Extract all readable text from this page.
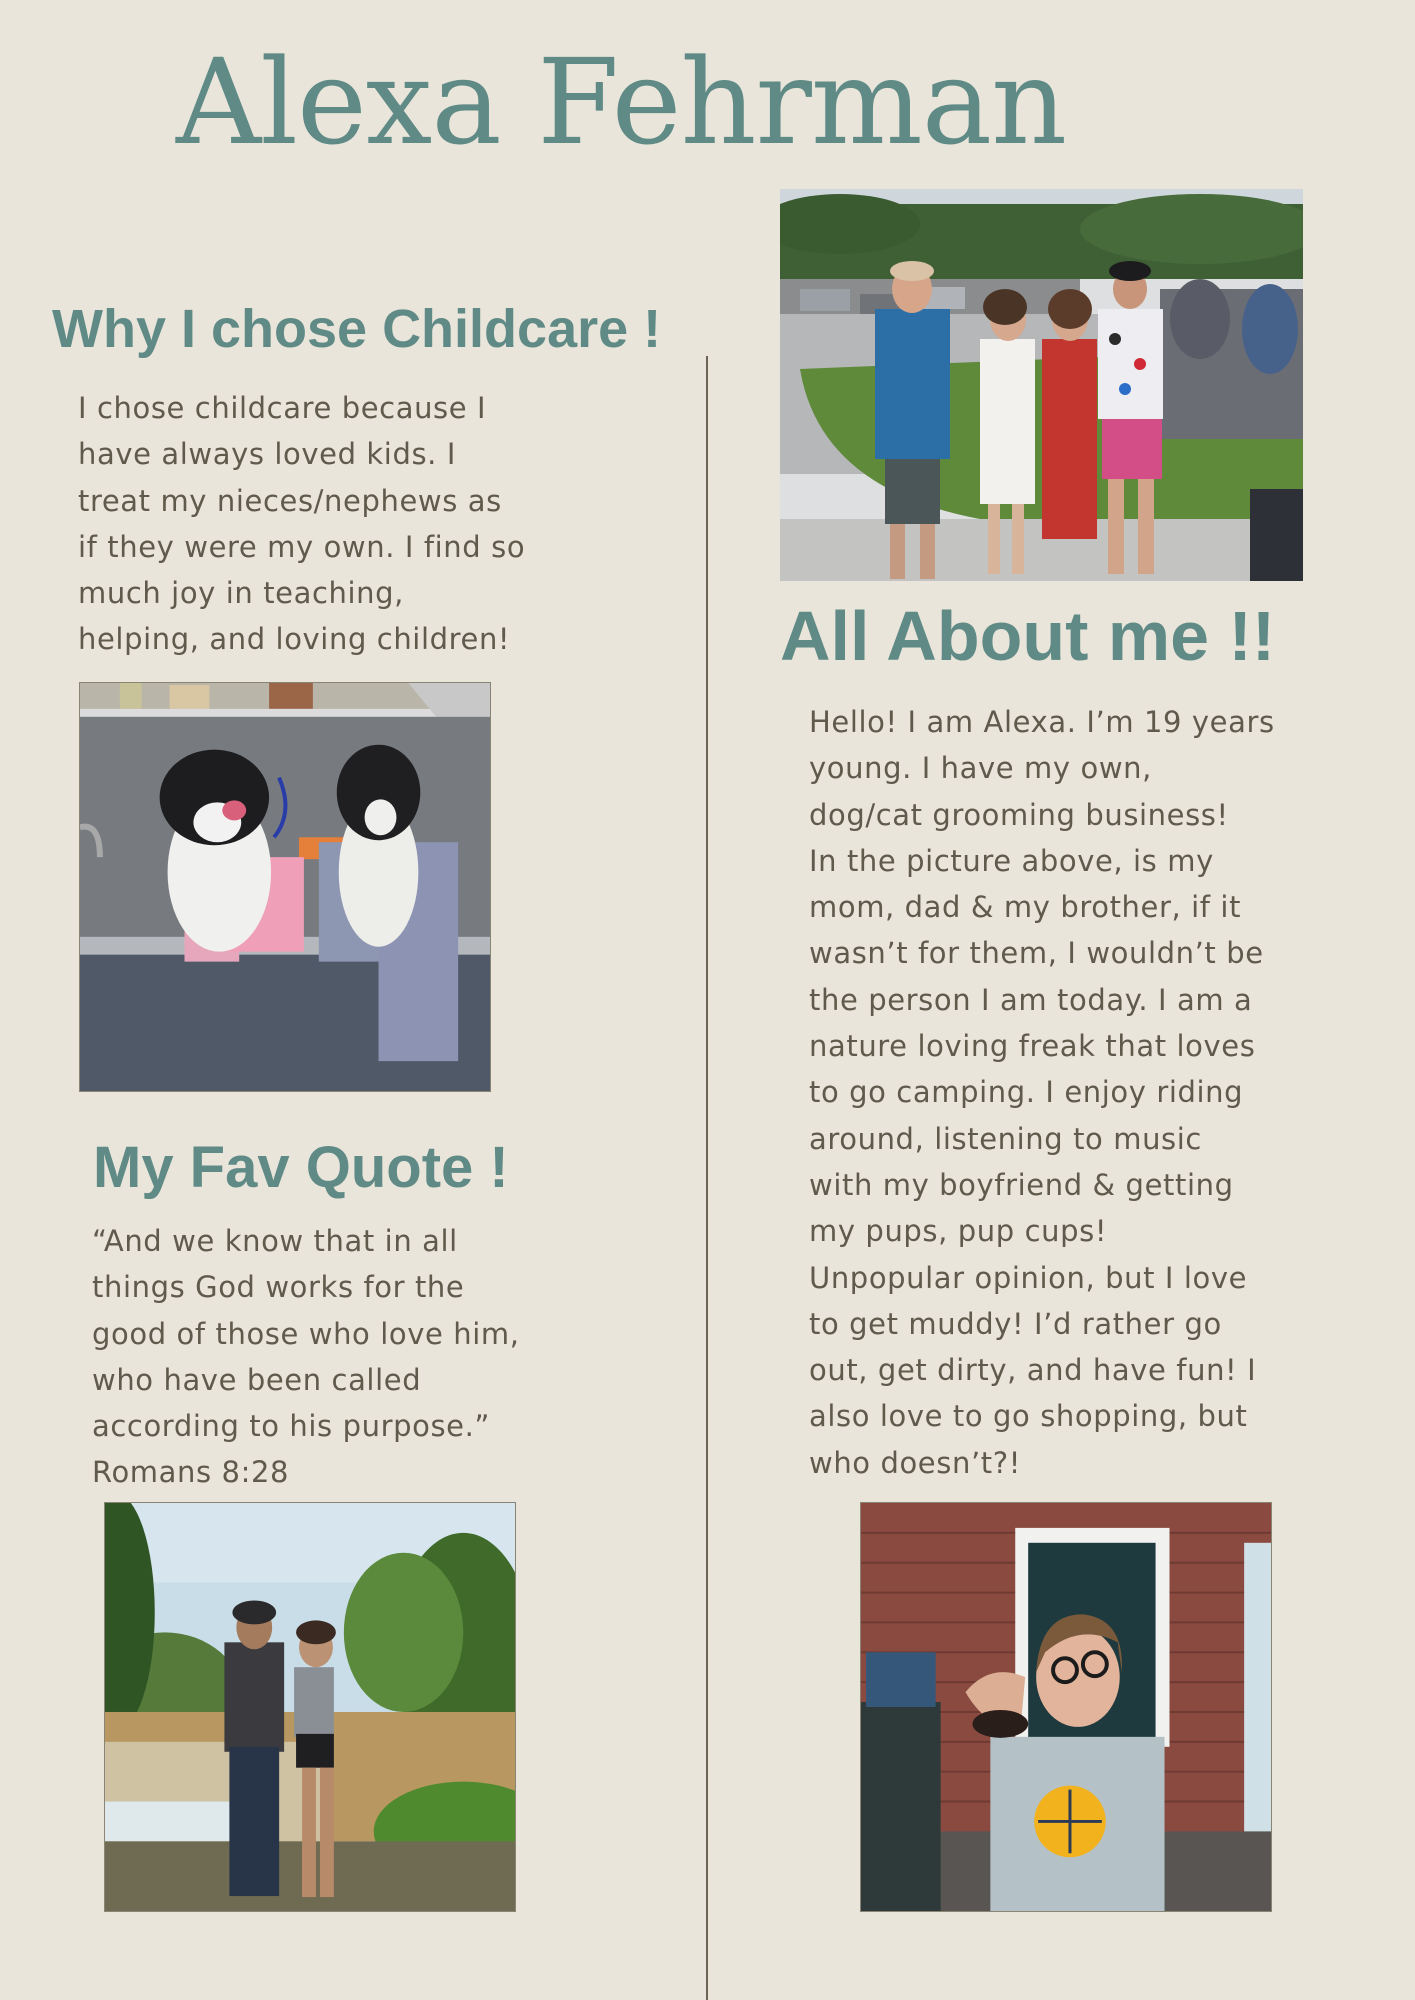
Alexa Fehrman
Why I chose Childcare !
I chose childcare because I
have always loved kids. I
treat my nieces/nephews as
if they were my own. I find so
much joy in teaching,
helping, and loving children!
My Fav Quote !
“And we know that in all
things God works for the
good of those who love him,
who have been called
according to his purpose.”
Romans 8:28
All About me !!
Hello! I am Alexa. I’m 19 years
young. I have my own,
dog/cat grooming business!
In the picture above, is my
mom, dad & my brother, if it
wasn’t for them, I wouldn’t be
the person I am today. I am a
nature loving freak that loves
to go camping. I enjoy riding
around, listening to music
with my boyfriend & getting
my pups, pup cups!
Unpopular opinion, but I love
to get muddy! I’d rather go
out, get dirty, and have fun! I
also love to go shopping, but
who doesn’t?!
